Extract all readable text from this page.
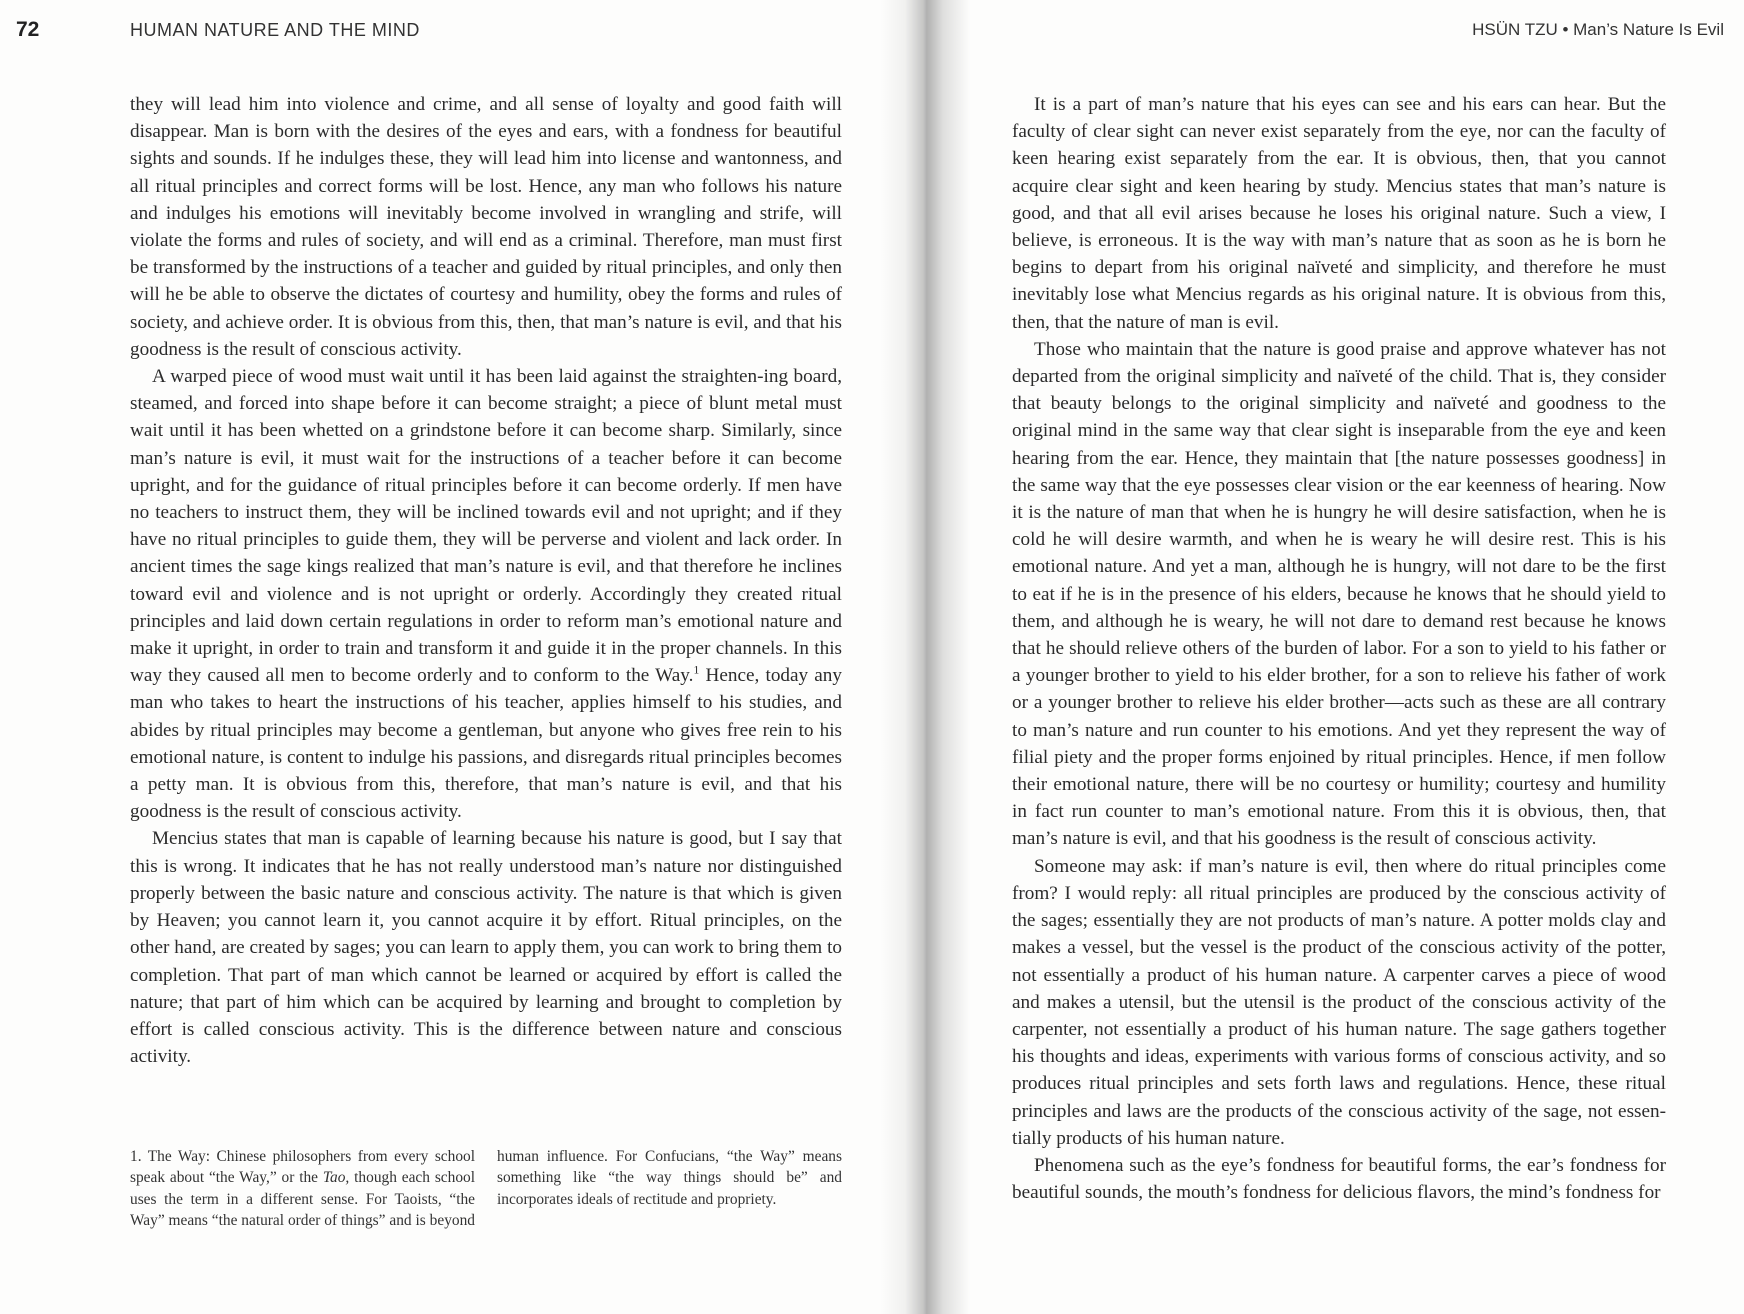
72	HUMAN NATURE AND THE MIND

they will lead him into violence and crime, and all sense of loyalty and good faith will disappear. Man is born with the desires of the eyes and ears, with a fondness for beautiful sights and sounds. If he indulges these, they will lead him into license and wantonness, and all ritual principles and correct forms will be lost. Hence, any man who follows his nature and indulges his emotions will inevitably become involved in wrangling and strife, will violate the forms and rules of society, and will end as a criminal. Therefore, man must first be transformed by the instructions of a teacher and guided by ritual principles, and only then will he be able to observe the dictates of courtesy and humility, obey the forms and rules of society, and achieve order. It is obvious from this, then, that man’s nature is evil, and that his goodness is the result of conscious activity.

A warped piece of wood must wait until it has been laid against the straighten-ing board, steamed, and forced into shape before it can become straight; a piece of blunt metal must wait until it has been whetted on a grindstone before it can become sharp. Similarly, since man’s nature is evil, it must wait for the instructions of a teacher before it can become upright, and for the guidance of ritual principles before it can become orderly. If men have no teachers to instruct them, they will be inclined towards evil and not upright; and if they have no ritual principles to guide them, they will be perverse and violent and lack order. In ancient times the sage kings realized that man’s nature is evil, and that therefore he inclines toward evil and violence and is not upright or orderly. Accordingly they created ritual principles and laid down certain regulations in order to reform man’s emotional nature and make it upright, in order to train and transform it and guide it in the proper channels. In this way they caused all men to become orderly and to conform to the Way.$^1$ Hence, today any man who takes to heart the instructions of his teacher, applies himself to his studies, and abides by ritual principles may become a gentleman, but anyone who gives free rein to his emotional nature, is content to indulge his passions, and disregards ritual principles becomes a petty man. It is obvious from this, therefore, that man’s nature is evil, and that his goodness is the result of conscious activity.

Mencius states that man is capable of learning because his nature is good, but I say that this is wrong. It indicates that he has not really understood man’s nature nor distinguished properly between the basic nature and conscious activity. The nature is that which is given by Heaven; you cannot learn it, you cannot acquire it by effort. Ritual principles, on the other hand, are created by sages; you can learn to apply them, you can work to bring them to completion. That part of man which cannot be learned or acquired by effort is called the nature; that part of him which can be acquired by learning and brought to completion by effort is called conscious activity. This is the difference between nature and conscious activity.

1. The Way: Chinese philosophers from every school speak about “the Way,” or the Tao, though each school uses the term in a different sense. For Taoists, “the Way” means “the natural order of things” and is beyond human influence. For Confucians, “the Way” means something like “the way things should be” and incorporates ideals of rectitude and propriety.

HSÜN TZU • Man’s Nature Is Evil

It is a part of man’s nature that his eyes can see and his ears can hear. But the faculty of clear sight can never exist separately from the eye, nor can the faculty of keen hearing exist separately from the ear. It is obvious, then, that you cannot acquire clear sight and keen hearing by study. Mencius states that man’s nature is good, and that all evil arises because he loses his original nature. Such a view, I believe, is erroneous. It is the way with man’s nature that as soon as he is born he begins to depart from his original naïveté and simplicity, and therefore he must inevitably lose what Mencius regards as his original nature. It is obvious from this, then, that the nature of man is evil.

Those who maintain that the nature is good praise and approve whatever has not departed from the original simplicity and naïveté of the child. That is, they consider that beauty belongs to the original simplicity and naïveté and goodness to the original mind in the same way that clear sight is inseparable from the eye and keen hearing from the ear. Hence, they maintain that [the nature possesses goodness] in the same way that the eye possesses clear vision or the ear keenness of hearing. Now it is the nature of man that when he is hungry he will desire satisfaction, when he is cold he will desire warmth, and when he is weary he will desire rest. This is his emotional nature. And yet a man, although he is hungry, will not dare to be the first to eat if he is in the presence of his elders, because he knows that he should yield to them, and although he is weary, he will not dare to demand rest because he knows that he should relieve others of the burden of labor. For a son to yield to his father or a younger brother to yield to his elder brother, for a son to relieve his father of work or a younger brother to relieve his elder brother—acts such as these are all contrary to man’s nature and run counter to his emotions. And yet they represent the way of filial piety and the proper forms enjoined by ritual principles. Hence, if men follow their emotional nature, there will be no courtesy or humility; courtesy and humility in fact run counter to man’s emotional nature. From this it is obvious, then, that man’s nature is evil, and that his goodness is the result of conscious activity.

Someone may ask: if man’s nature is evil, then where do ritual principles come from? I would reply: all ritual principles are produced by the conscious activity of the sages; essentially they are not products of man’s nature. A potter molds clay and makes a vessel, but the vessel is the product of the conscious activity of the potter, not essentially a product of his human nature. A carpenter carves a piece of wood and makes a utensil, but the utensil is the product of the conscious activity of the carpenter, not essentially a product of his human nature. The sage gathers together his thoughts and ideas, experiments with various forms of conscious activity, and so produces ritual principles and sets forth laws and regulations. Hence, these ritual principles and laws are the products of the conscious activity of the sage, not essen-tially products of his human nature.

Phenomena such as the eye’s fondness for beautiful forms, the ear’s fondness for beautiful sounds, the mouth’s fondness for delicious flavors, the mind’s fondness for
